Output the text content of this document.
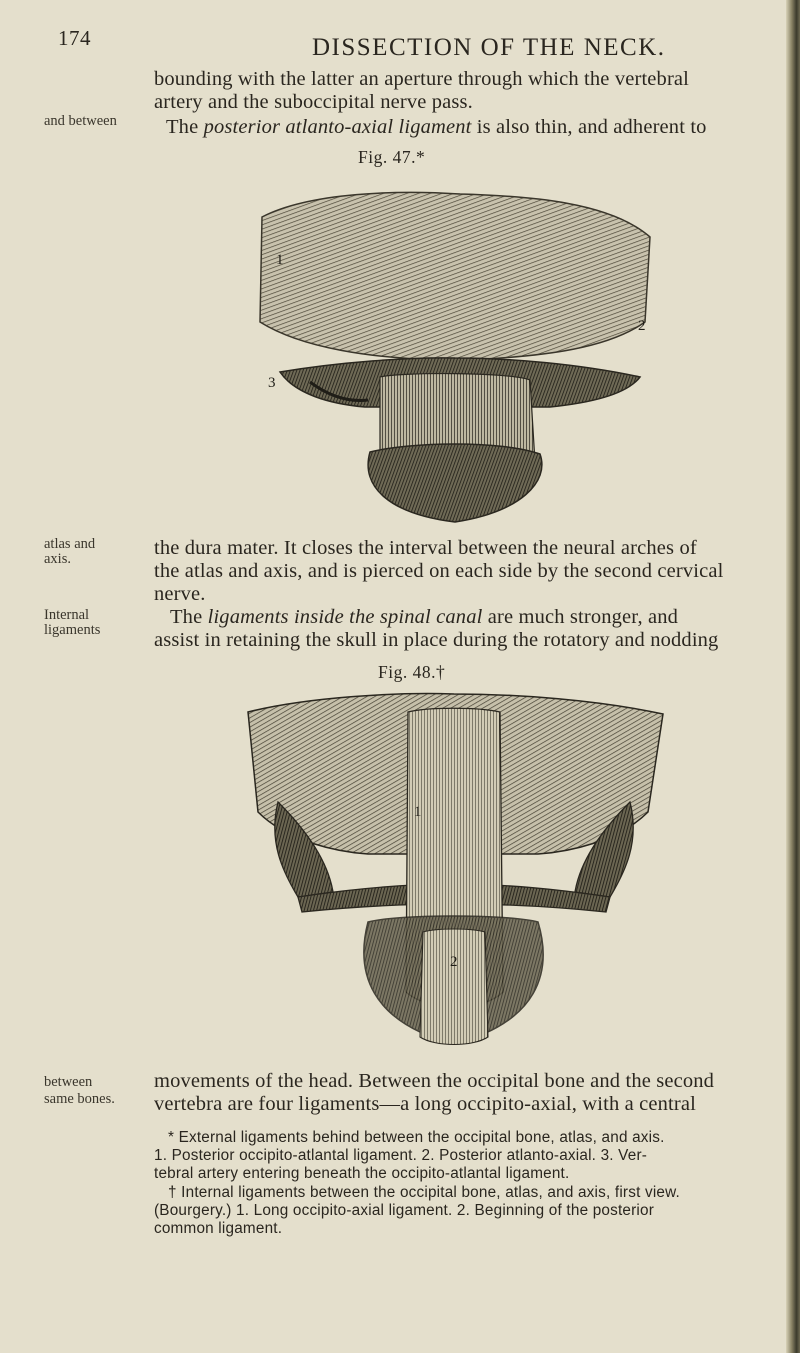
174	DISSECTION OF THE NECK.
bounding with the latter an aperture through which the vertebral
artery and the suboccipital nerve pass.
and between The posterior atlanto-axial ligament is also thin, and adherent to
Fig. 47.*
1
2
3
atlas and
axis.	the dura mater. It closes the interval between the neural arches of
the atlas and axis, and is pierced on each side by the second cervical
nerve.
Internal
ligaments
The ligaments inside the spinal canal are much stronger, and
assist in retaining the skull in place during the rotatory and nodding
Fig. 48.†
1
2
between
same bones.
movements of the head. Between the occipital bone and the second
vertebra are four ligaments—a long occipito-axial, with a central
* External ligaments behind between the occipital bone, atlas, and axis.
1. Posterior occipito-atlantal ligament. 2. Posterior atlanto-axial. 3. Ver-
tebral artery entering beneath the occipito-atlantal ligament.
† Internal ligaments between the occipital bone, atlas, and axis, first view.
(Bourgery.) 1. Long occipito-axial ligament. 2. Beginning of the posterior
common ligament.
